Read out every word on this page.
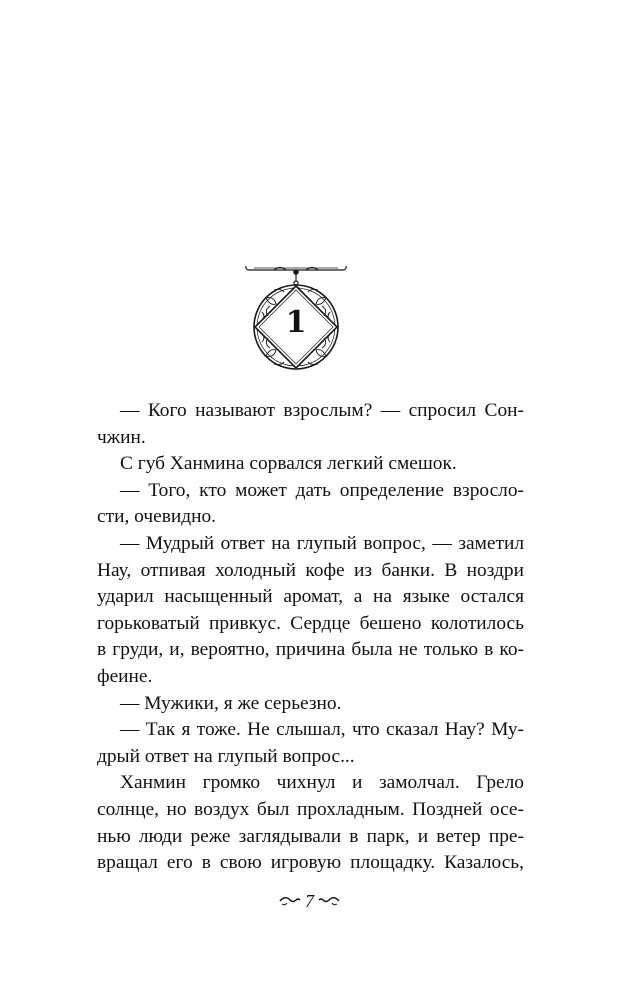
1
— Кого называют взрослым? — спросил Сон-
чжин.
С губ Ханмина сорвался легкий смешок.
— Того, кто может дать определение взросло-
сти, очевидно.
— Мудрый ответ на глупый вопрос, — заметил
Нау, отпивая холодный кофе из банки. В ноздри
ударил насыщенный аромат, а на языке остался
горьковатый привкус. Сердце бешено колотилось
в груди, и, вероятно, причина была не только в ко-
феине.
— Мужики, я же серьезно.
— Так я тоже. Не слышал, что сказал Нау? Му-
дрый ответ на глупый вопрос...
Ханмин громко чихнул и замолчал. Грело
солнце, но воздух был прохладным. Поздней осе-
нью люди реже заглядывали в парк, и ветер пре-
вращал его в свою игровую площадку. Казалось,
7
